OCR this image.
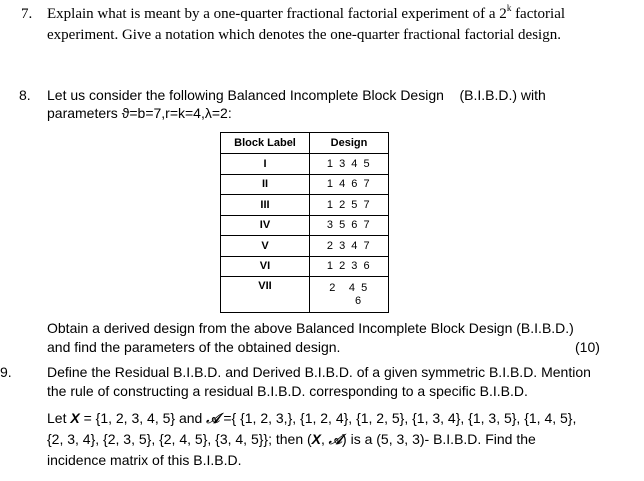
7. Explain what is meant by a one-quarter fractional factorial experiment of a 2$^k$ factorial
experiment. Give a notation which denotes the one-quarter fractional factorial design.
8. Let us consider the following Balanced Incomplete Block Design    (B.I.B.D.) with
parameters ϑ=b=7,r=k=4,λ=2:
Block Label	Design
I	1 3 4 5
II	1 4 6 7
III	1 2 5 7
IV	3 5 6 7
V	2 3 4 7
VI	1 2 3 6
VII	2 4 5
6
Obtain a derived design from the above Balanced Incomplete Block Design (B.I.B.D.)
and find the parameters of the obtained design.	(10)
9.	Define the Residual B.I.B.D. and Derived B.I.B.D. of a given symmetric B.I.B.D. Mention
the rule of constructing a residual B.I.B.D. corresponding to a specific B.I.B.D.
Let X = {1, 2, 3, 4, 5} and 𝒜 ={ {1, 2, 3,}, {1, 2, 4}, {1, 2, 5}, {1, 3, 4}, {1, 3, 5}, {1, 4, 5},
{2, 3, 4}, {2, 3, 5}, {2, 4, 5}, {3, 4, 5}}; then (X, 𝒜) is a (5, 3, 3)- B.I.B.D. Find the
incidence matrix of this B.I.B.D.
